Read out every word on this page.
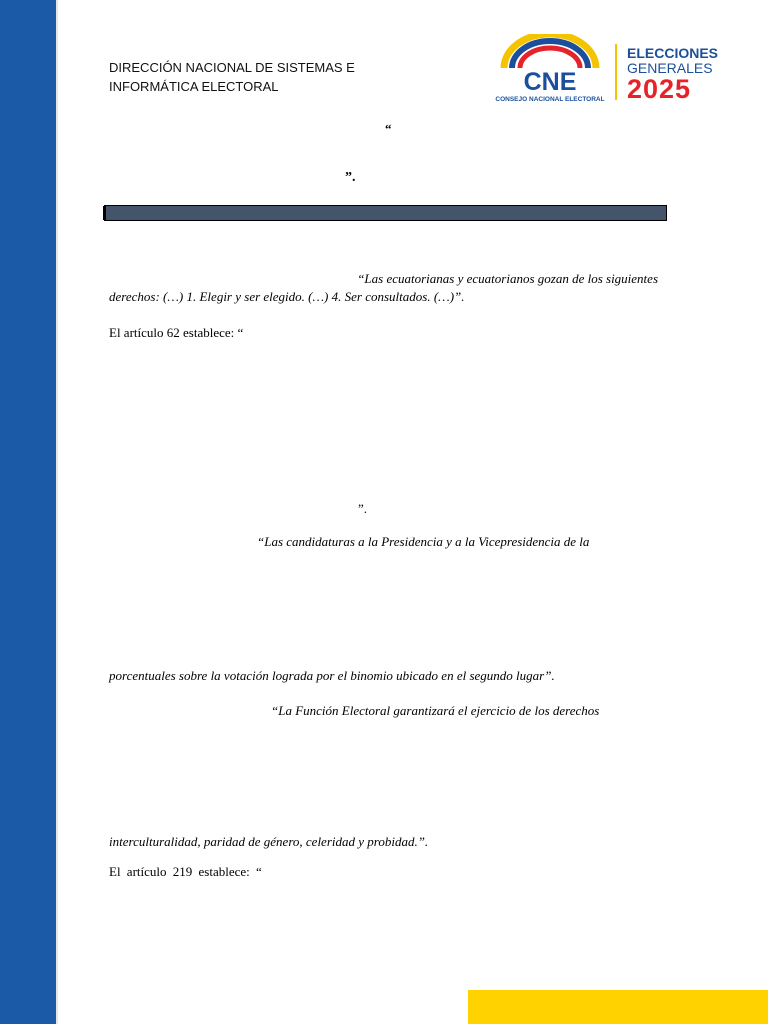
DIRECCIÓN NACIONAL DE SISTEMAS E
INFORMÁTICA ELECTORAL	CNE
CONSEJO NACIONAL ELECTORAL
ELECCIONES
GENERALES
2025
“
”.
“Las ecuatorianas y ecuatorianos gozan de los siguientes
derechos: (…) 1. Elegir y ser elegido. (…) 4. Ser consultados. (…)”.
El artículo 62 establece: “
”.
“Las candidaturas a la Presidencia y a la Vicepresidencia de la
porcentuales sobre la votación lograda por el binomio ubicado en el segundo lugar”.
“La Función Electoral garantizará el ejercicio de los derechos
interculturalidad, paridad de género, celeridad y probidad.”.
El artículo 219 establece: “
